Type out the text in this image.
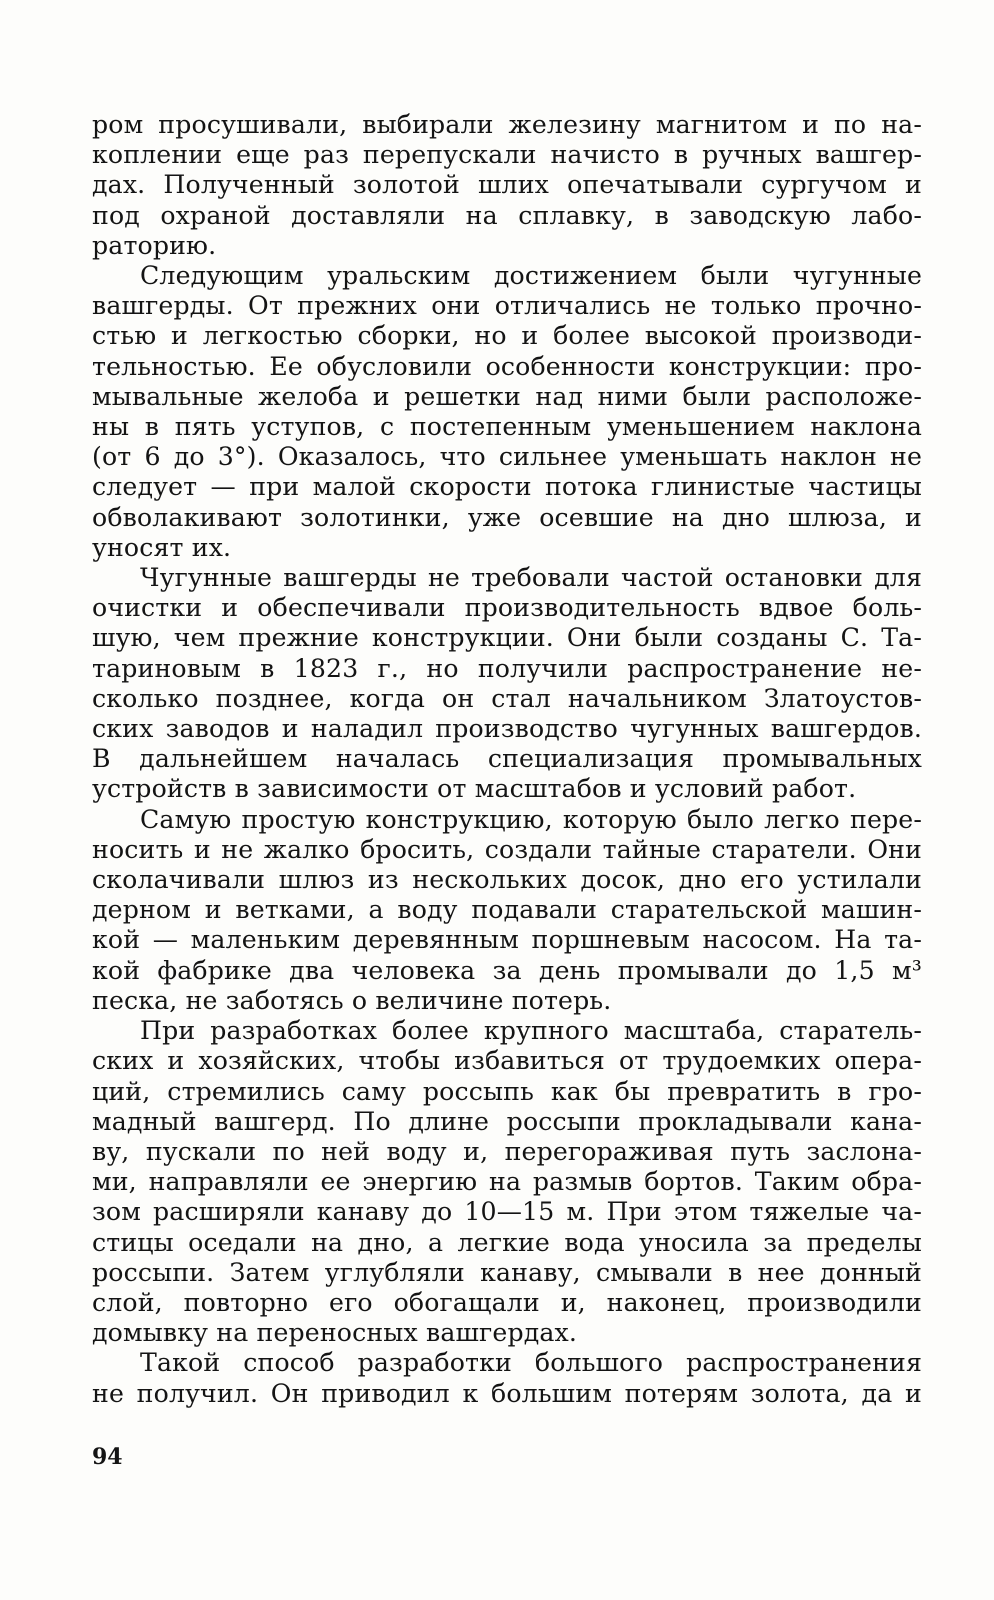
ром просушивали, выбирали железину магнитом и по на-
коплении еще раз перепускали начисто в ручных вашгер-
дах. Полученный золотой шлих опечатывали сургучом и
под охраной доставляли на сплавку, в заводскую лабо-
раторию.
Следующим уральским достижением были чугунные
вашгерды. От прежних они отличались не только прочно-
стью и легкостью сборки, но и более высокой производи-
тельностью. Ее обусловили особенности конструкции: про-
мывальные желоба и решетки над ними были расположе-
ны в пять уступов, с постепенным уменьшением наклона
(от 6 до 3°). Оказалось, что сильнее уменьшать наклон не
следует — при малой скорости потока глинистые частицы
обволакивают золотинки, уже осевшие на дно шлюза, и
уносят их.
Чугунные вашгерды не требовали частой остановки для
очистки и обеспечивали производительность вдвое боль-
шую, чем прежние конструкции. Они были созданы С. Та-
тариновым в 1823 г., но получили распространение не-
сколько позднее, когда он стал начальником Златоустов-
ских заводов и наладил производство чугунных вашгердов.
В дальнейшем началась специализация промывальных
устройств в зависимости от масштабов и условий работ.
Самую простую конструкцию, которую было легко пере-
носить и не жалко бросить, создали тайные старатели. Они
сколачивали шлюз из нескольких досок, дно его устилали
дерном и ветками, а воду подавали старательской машин-
кой — маленьким деревянным поршневым насосом. На та-
кой фабрике два человека за день промывали до 1,5 м³
песка, не заботясь о величине потерь.
При разработках более крупного масштаба, старатель-
ских и хозяйских, чтобы избавиться от трудоемких опера-
ций, стремились саму россыпь как бы превратить в гро-
мадный вашгерд. По длине россыпи прокладывали кана-
ву, пускали по ней воду и, перегораживая путь заслона-
ми, направляли ее энергию на размыв бортов. Таким обра-
зом расширяли канаву до 10—15 м. При этом тяжелые ча-
стицы оседали на дно, а легкие вода уносила за пределы
россыпи. Затем углубляли канаву, смывали в нее донный
слой, повторно его обогащали и, наконец, производили
домывку на переносных вашгердах.
Такой способ разработки большого распространения
не получил. Он приводил к большим потерям золота, да и
94
